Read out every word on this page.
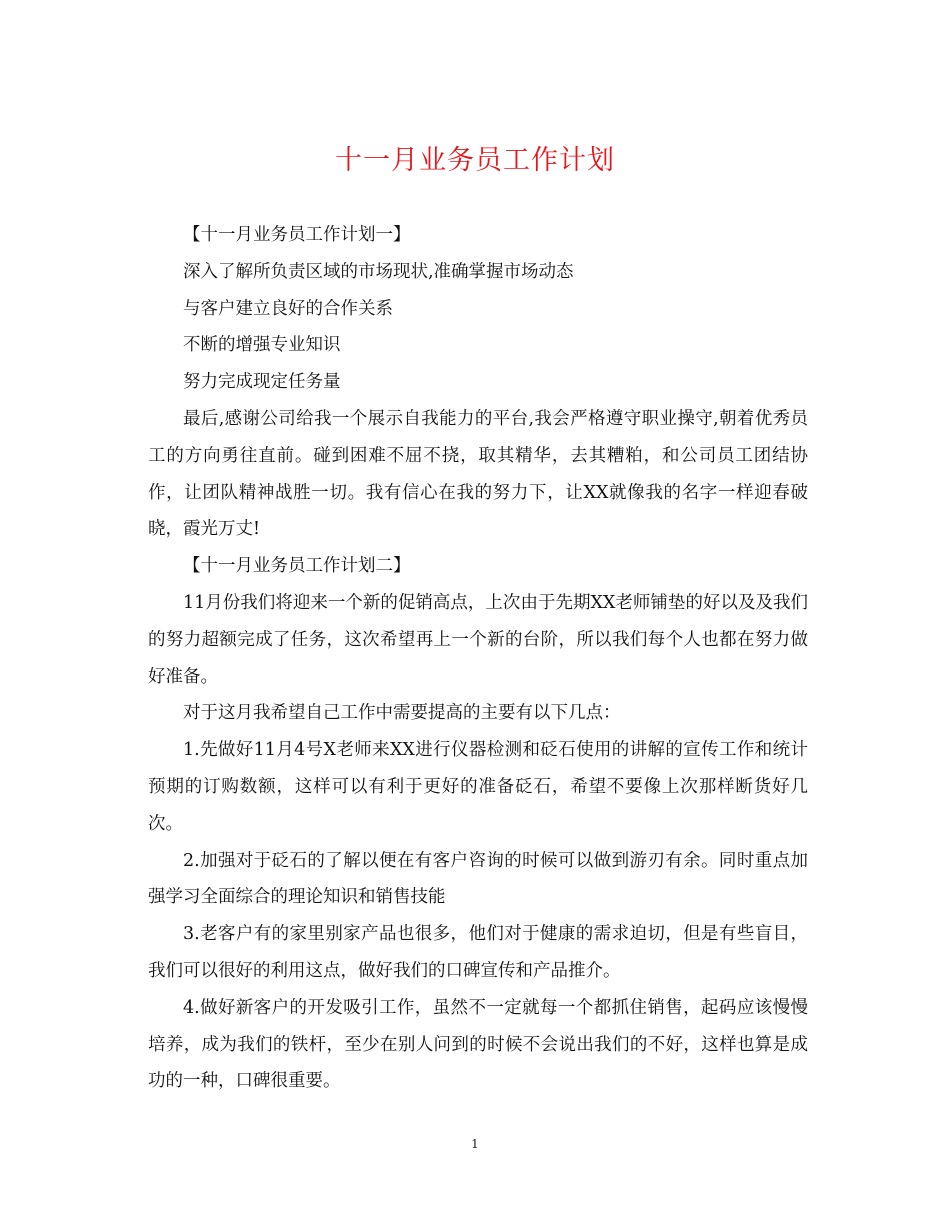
十一月业务员工作计划

【十一月业务员工作计划一】

深入了解所负责区域的市场现状,准确掌握市场动态

与客户建立良好的合作关系

不断的增强专业知识

努力完成现定任务量

最后,感谢公司给我一个展示自我能力的平台,我会严格遵守职业操守,朝着优秀员工的方向勇往直前。碰到困难不屈不挠，取其精华，去其糟粕，和公司员工团结协作，让团队精神战胜一切。我有信心在我的努力下，让XX就像我的名字一样迎春破晓，霞光万丈!

【十一月业务员工作计划二】

11月份我们将迎来一个新的促销高点，上次由于先期XX老师铺垫的好以及及我们的努力超额完成了任务，这次希望再上一个新的台阶，所以我们每个人也都在努力做好准备。

对于这月我希望自己工作中需要提高的主要有以下几点：

1.先做好11月4号X老师来XX进行仪器检测和砭石使用的讲解的宣传工作和统计预期的订购数额，这样可以有利于更好的准备砭石，希望不要像上次那样断货好几次。

2.加强对于砭石的了解以便在有客户咨询的时候可以做到游刃有余。同时重点加强学习全面综合的理论知识和销售技能

3.老客户有的家里别家产品也很多，他们对于健康的需求迫切，但是有些盲目，我们可以很好的利用这点，做好我们的口碑宣传和产品推介。

4.做好新客户的开发吸引工作，虽然不一定就每一个都抓住销售，起码应该慢慢培养，成为我们的铁杆，至少在别人问到的时候不会说出我们的不好，这样也算是成功的一种，口碑很重要。

1
